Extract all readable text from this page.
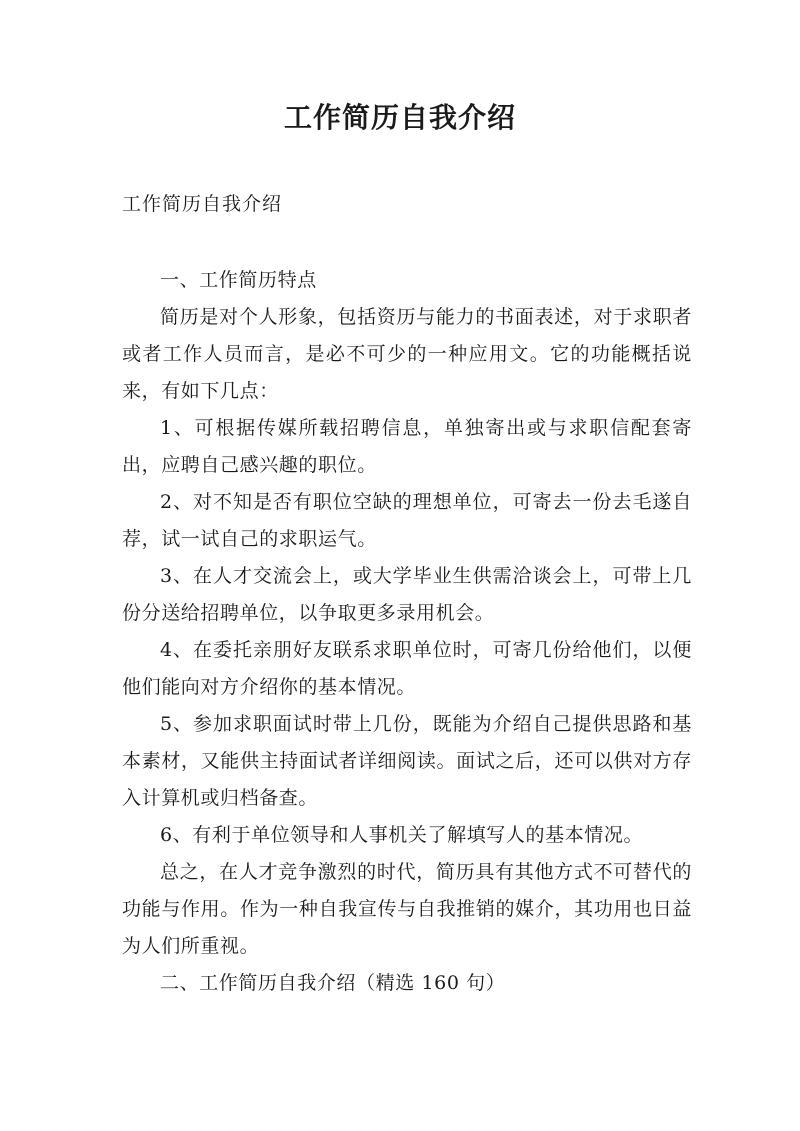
工作简历自我介绍
工作简历自我介绍

一、工作简历特点

简历是对个人形象，包括资历与能力的书面表述，对于求职者或者工作人员而言，是必不可少的一种应用文。它的功能概括说来，有如下几点：

1、可根据传媒所载招聘信息，单独寄出或与求职信配套寄出，应聘自己感兴趣的职位。

2、对不知是否有职位空缺的理想单位，可寄去一份去毛遂自荐，试一试自己的求职运气。

3、在人才交流会上，或大学毕业生供需洽谈会上，可带上几份分送给招聘单位，以争取更多录用机会。

4、在委托亲朋好友联系求职单位时，可寄几份给他们，以便他们能向对方介绍你的基本情况。

5、参加求职面试时带上几份，既能为介绍自己提供思路和基本素材，又能供主持面试者详细阅读。面试之后，还可以供对方存入计算机或归档备查。

6、有利于单位领导和人事机关了解填写人的基本情况。

总之，在人才竞争激烈的时代，简历具有其他方式不可替代的功能与作用。作为一种自我宣传与自我推销的媒介，其功用也日益为人们所重视。

二、工作简历自我介绍（精选 160 句）
